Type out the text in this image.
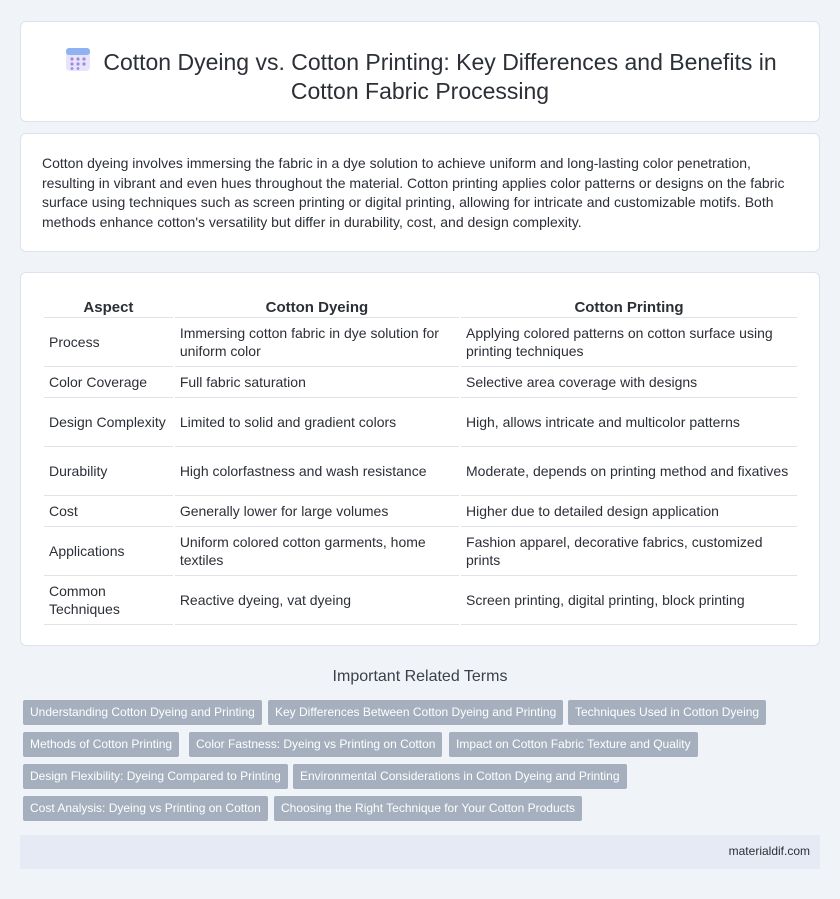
Cotton Dyeing vs. Cotton Printing: Key Differences and Benefits in Cotton Fabric Processing

Cotton dyeing involves immersing the fabric in a dye solution to achieve uniform and long-lasting color penetration, resulting in vibrant and even hues throughout the material. Cotton printing applies color patterns or designs on the fabric surface using techniques such as screen printing or digital printing, allowing for intricate and customizable motifs. Both methods enhance cotton's versatility but differ in durability, cost, and design complexity.

Aspect	Cotton Dyeing	Cotton Printing
Process	Immersing cotton fabric in dye solution for uniform color	Applying colored patterns on cotton surface using printing techniques
Color Coverage	Full fabric saturation	Selective area coverage with designs
Design Complexity	Limited to solid and gradient colors	High, allows intricate and multicolor patterns
Durability	High colorfastness and wash resistance	Moderate, depends on printing method and fixatives
Cost	Generally lower for large volumes	Higher due to detailed design application
Applications	Uniform colored cotton garments, home textiles	Fashion apparel, decorative fabrics, customized prints
Common Techniques	Reactive dyeing, vat dyeing	Screen printing, digital printing, block printing
Important Related Terms
Understanding Cotton Dyeing and Printing	Key Differences Between Cotton Dyeing and Printing	Techniques Used in Cotton Dyeing
Methods of Cotton Printing	Color Fastness: Dyeing vs Printing on Cotton	Impact on Cotton Fabric Texture and Quality
Design Flexibility: Dyeing Compared to Printing	Environmental Considerations in Cotton Dyeing and Printing
Cost Analysis: Dyeing vs Printing on Cotton	Choosing the Right Technique for Your Cotton Products
materialdif.com
